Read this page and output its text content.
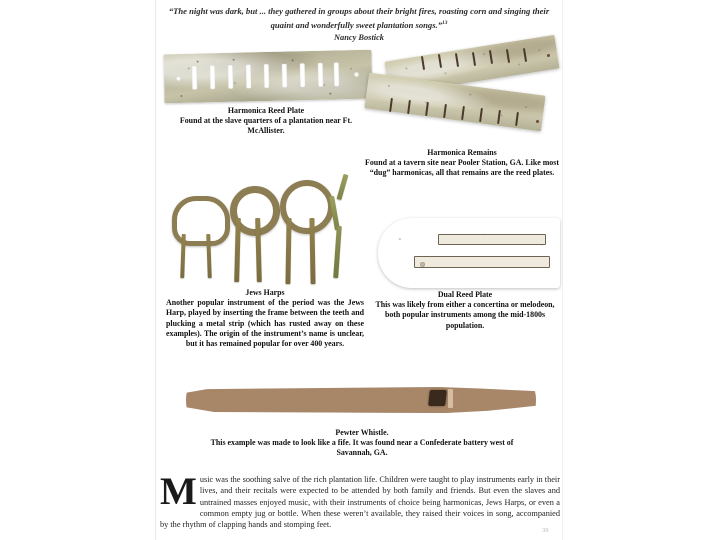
“The night was dark, but ... they gathered in groups about their bright fires, roasting corn and singing their quaint and wonderfully sweet plantation songs.”$^{13}$
Nancy Bostick
Harmonica Reed Plate
Found at the slave quarters of a plantation near Ft. McAllister.
Harmonica Remains
Found at a tavern site near Pooler Station, GA. Like most “dug” harmonicas, all that remains are the reed plates.
Jews Harps
Another popular instrument of the period was the Jews Harp, played by inserting the frame between the teeth and plucking a metal strip (which has rusted away on these examples). The origin of the instrument’s name is unclear, but it has remained popular for over 400 years.
Dual Reed Plate
This was likely from either a concertina or melodeon, both popular instruments among the mid-1800s population.
Pewter Whistle.
This example was made to look like a fife. It was found near a Confederate battery west of Savannah, GA.
Music was the soothing salve of the rich plantation life. Children were taught to play instruments early in their lives, and their recitals were expected to be attended by both family and friends. But even the slaves and untrained masses enjoyed music, with their instruments of choice being harmonicas, Jews Harps, or even a common empty jug or bottle. When these weren’t available, they raised their voices in song, accompanied by the rhythm of clapping hands and stomping feet.
39
